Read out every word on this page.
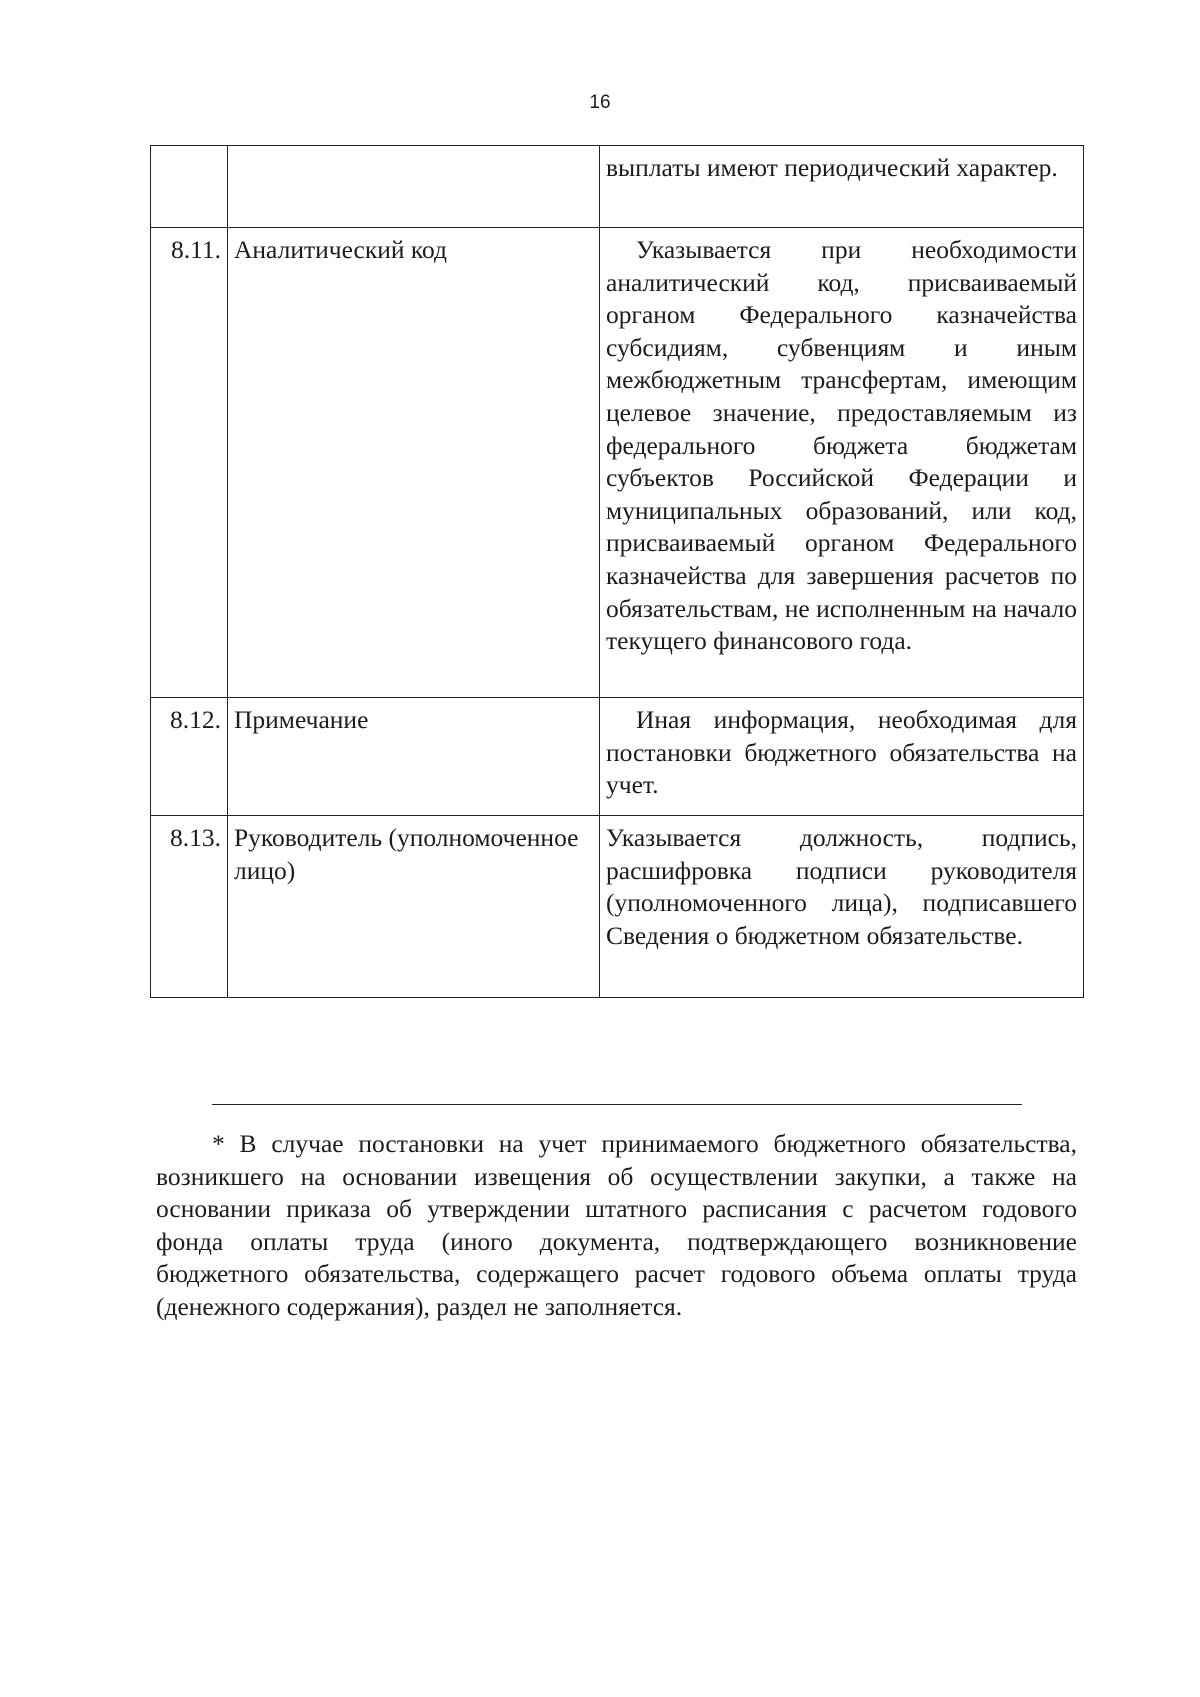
16
		выплаты имеют периодический характер.
8.11.	Аналитический код	Указывается при необходимости аналитический код, присваиваемый органом Федерального казначейства субсидиям, субвенциям и иным межбюджетным трансфертам, имеющим целевое значение, предоставляемым из федерального бюджета бюджетам субъектов Российской Федерации и муниципальных образований, или код, присваиваемый органом Федерального казначейства для завершения расчетов по обязательствам, не исполненным на начало текущего финансового года.
8.12.	Примечание	Иная информация, необходимая для постановки бюджетного обязательства на учет.
8.13.	Руководитель (уполномоченное лицо)	Указывается должность, подпись, расшифровка подписи руководителя (уполномоченного лица), подписавшего Сведения о бюджетном обязательстве.

* В случае постановки на учет принимаемого бюджетного обязательства, возникшего на основании извещения об осуществлении закупки, а также на основании приказа об утверждении штатного расписания с расчетом годового фонда оплаты труда (иного документа, подтверждающего возникновение бюджетного обязательства, содержащего расчет годового объема оплаты труда (денежного содержания), раздел не заполняется.
